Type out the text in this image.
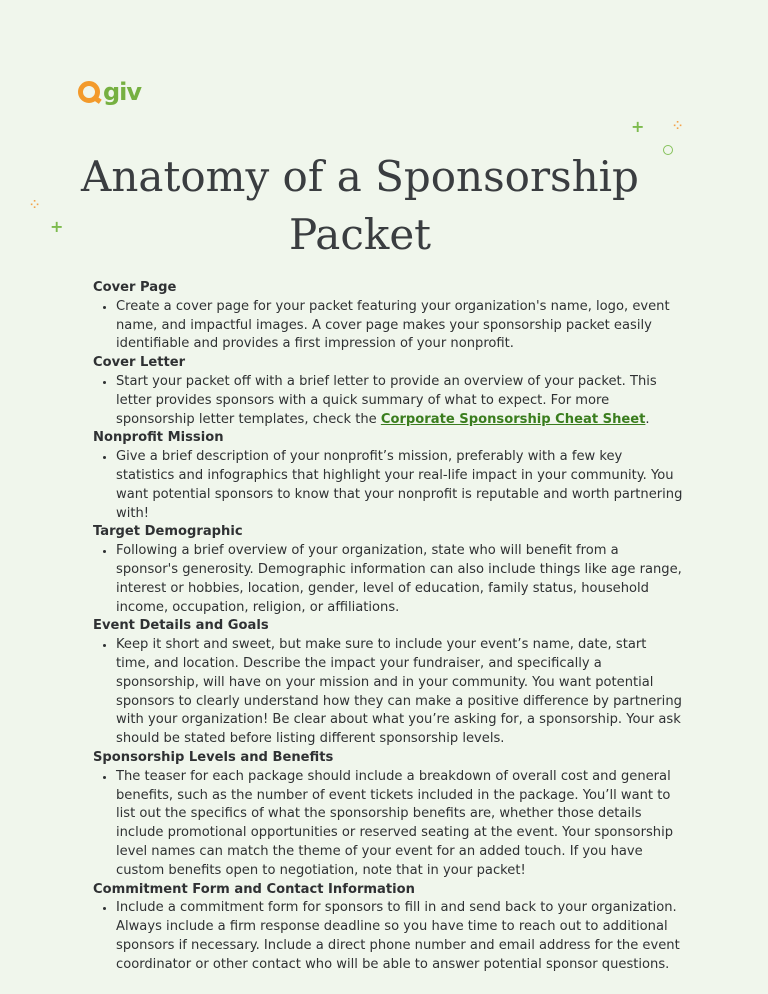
giv
+	⁘
⁘
+
Anatomy of a Sponsorship Packet

Cover Page

• Create a cover page for your packet featuring your organization's name, logo, event name, and impactful images. A cover page makes your sponsorship packet easily identifiable and provides a first impression of your nonprofit.

Cover Letter

• Start your packet off with a brief letter to provide an overview of your packet. This letter provides sponsors with a quick summary of what to expect. For more sponsorship letter templates, check the Corporate Sponsorship Cheat Sheet.

Nonprofit Mission

• Give a brief description of your nonprofit’s mission, preferably with a few key statistics and infographics that highlight your real-life impact in your community. You want potential sponsors to know that your nonprofit is reputable and worth partnering with!

Target Demographic

• Following a brief overview of your organization, state who will benefit from a sponsor's generosity. Demographic information can also include things like age range, interest or hobbies, location, gender, level of education, family status, household income, occupation, religion, or affiliations.

Event Details and Goals

• Keep it short and sweet, but make sure to include your event’s name, date, start time, and location. Describe the impact your fundraiser, and specifically a sponsorship, will have on your mission and in your community. You want potential sponsors to clearly understand how they can make a positive difference by partnering with your organization! Be clear about what you’re asking for, a sponsorship. Your ask should be stated before listing different sponsorship levels.

Sponsorship Levels and Benefits

• The teaser for each package should include a breakdown of overall cost and general benefits, such as the number of event tickets included in the package. You’ll want to list out the specifics of what the sponsorship benefits are, whether those details include promotional opportunities or reserved seating at the event. Your sponsorship level names can match the theme of your event for an added touch. If you have custom benefits open to negotiation, note that in your packet!

Commitment Form and Contact Information

• Include a commitment form for sponsors to fill in and send back to your organization. Always include a firm response deadline so you have time to reach out to additional sponsors if necessary. Include a direct phone number and email address for the event coordinator or other contact who will be able to answer potential sponsor questions.
